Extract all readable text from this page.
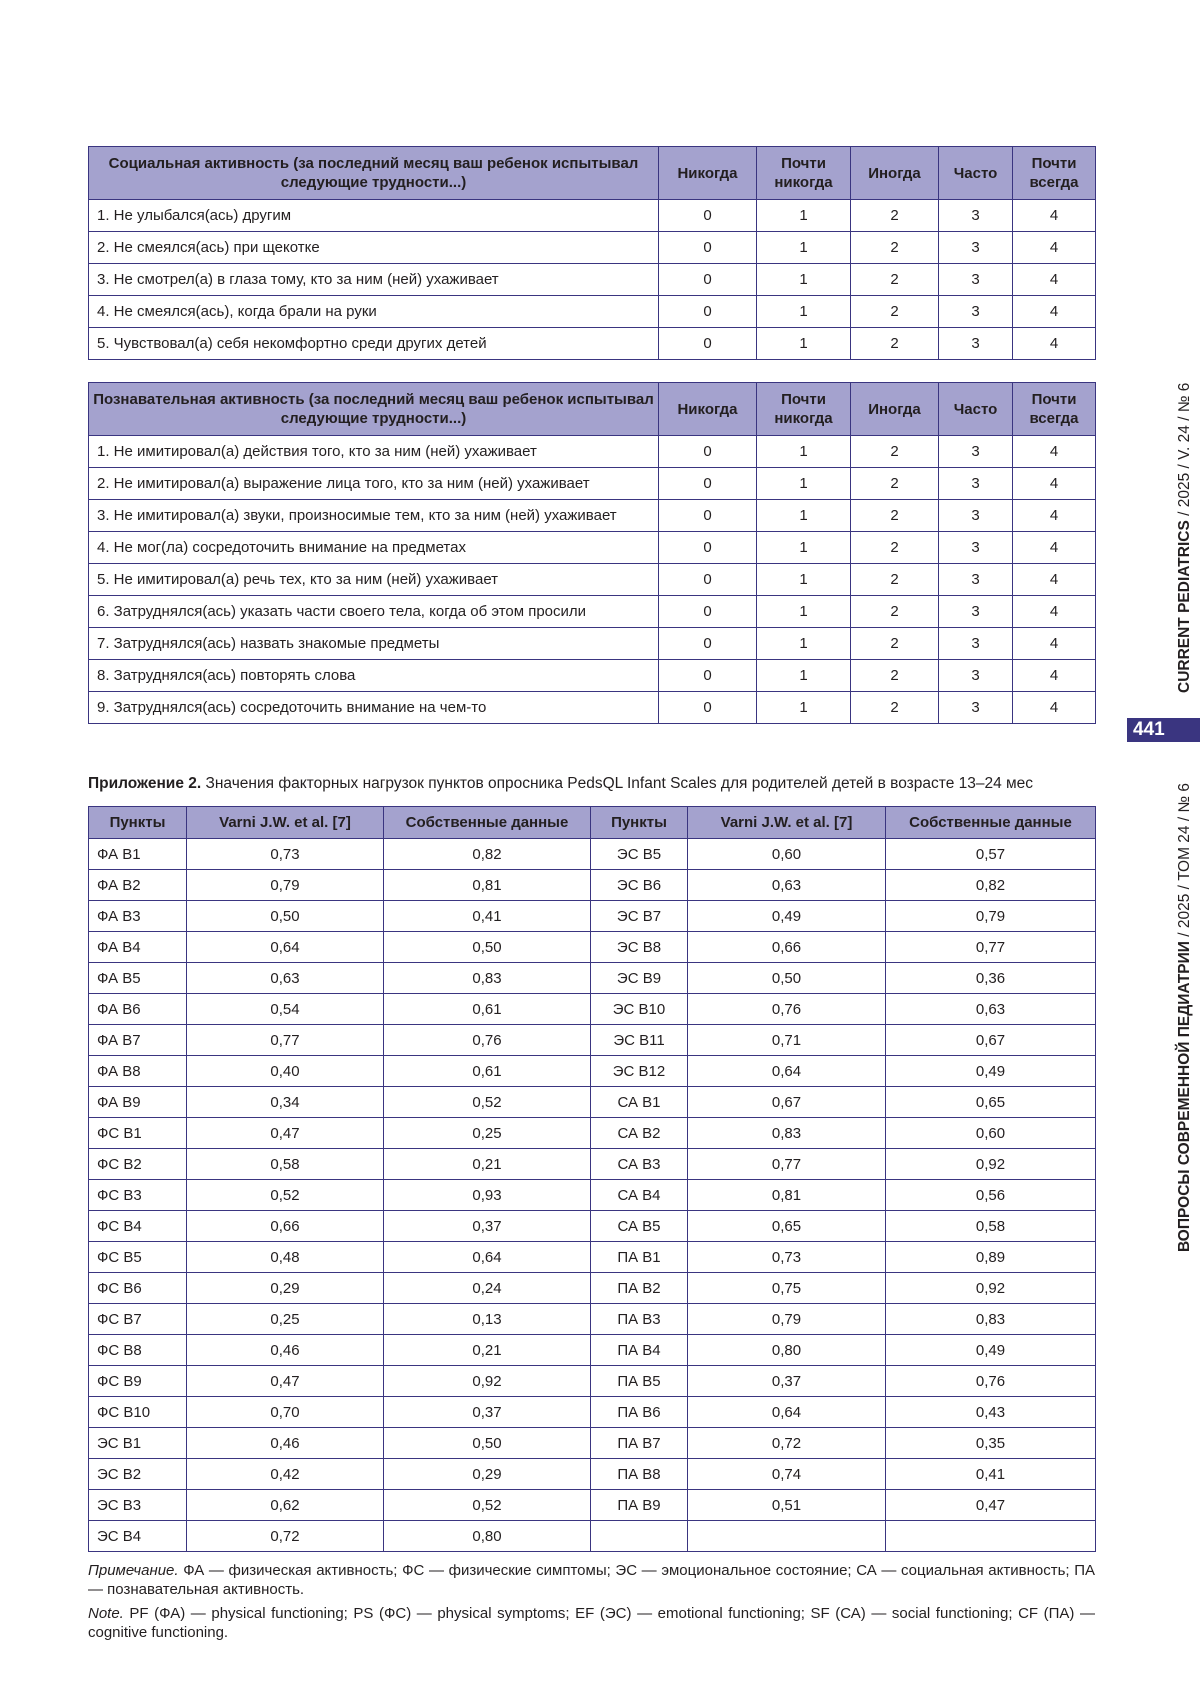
Социальная активность (за последний месяц ваш ребенок испытывал следующие трудности...)	Никогда	Почти никогда	Иногда	Часто	Почти всегда
1. Не улыбался(ась) другим	0	1	2	3	4
2. Не смеялся(ась) при щекотке	0	1	2	3	4
3. Не смотрел(а) в глаза тому, кто за ним (ней) ухаживает	0	1	2	3	4
4. Не смеялся(ась), когда брали на руки	0	1	2	3	4
5. Чувствовал(а) себя некомфортно среди других детей	0	1	2	3	4
Познавательная активность (за последний месяц ваш ребенок испытывал следующие трудности...)	Никогда	Почти никогда	Иногда	Часто	Почти всегда
1. Не имитировал(а) действия того, кто за ним (ней) ухаживает	0	1	2	3	4
2. Не имитировал(а) выражение лица того, кто за ним (ней) ухаживает	0	1	2	3	4
3. Не имитировал(а) звуки, произносимые тем, кто за ним (ней) ухаживает	0	1	2	3	4
4. Не мог(ла) сосредоточить внимание на предметах	0	1	2	3	4
5. Не имитировал(а) речь тех, кто за ним (ней) ухаживает	0	1	2	3	4
6. Затруднялся(ась) указать части своего тела, когда об этом просили	0	1	2	3	4
7. Затруднялся(ась) назвать знакомые предметы	0	1	2	3	4
8. Затруднялся(ась) повторять слова	0	1	2	3	4
9. Затруднялся(ась) сосредоточить внимание на чем-то	0	1	2	3	4
Приложение 2. Значения факторных нагрузок пунктов опросника PedsQL Infant Scales для родителей детей в возрасте 13–24 мес
Пункты	Varni J.W. et al. [7]	Собственные данные	Пункты	Varni J.W. et al. [7]	Собственные данные
ФА В1	0,73	0,82	ЭС В5	0,60	0,57
ФА В2	0,79	0,81	ЭС В6	0,63	0,82
ФА В3	0,50	0,41	ЭС В7	0,49	0,79
ФА В4	0,64	0,50	ЭС В8	0,66	0,77
ФА В5	0,63	0,83	ЭС В9	0,50	0,36
ФА В6	0,54	0,61	ЭС В10	0,76	0,63
ФА В7	0,77	0,76	ЭС В11	0,71	0,67
ФА В8	0,40	0,61	ЭС В12	0,64	0,49
ФА В9	0,34	0,52	СА В1	0,67	0,65
ФС В1	0,47	0,25	СА В2	0,83	0,60
ФС В2	0,58	0,21	СА В3	0,77	0,92
ФС В3	0,52	0,93	СА В4	0,81	0,56
ФС В4	0,66	0,37	СА В5	0,65	0,58
ФС В5	0,48	0,64	ПА В1	0,73	0,89
ФС В6	0,29	0,24	ПА В2	0,75	0,92
ФС В7	0,25	0,13	ПА В3	0,79	0,83
ФС В8	0,46	0,21	ПА В4	0,80	0,49
ФС В9	0,47	0,92	ПА В5	0,37	0,76
ФС В10	0,70	0,37	ПА В6	0,64	0,43
ЭС В1	0,46	0,50	ПА В7	0,72	0,35
ЭС В2	0,42	0,29	ПА В8	0,74	0,41
ЭС В3	0,62	0,52	ПА В9	0,51	0,47
ЭС В4	0,72	0,80			
Примечание. ФА — физическая активность; ФС — физические симптомы; ЭС — эмоциональное состояние; СА — социальная активность; ПА — познавательная активность.
Note. PF (ФА) — physical functioning; PS (ФС) — physical symptoms; EF (ЭС) — emotional functioning; SF (СА) — social functioning; CF (ПА) — cognitive functioning.
CURRENT PEDIATRICS / 2025 / V. 24 / № 6
441
ВОПРОСЫ СОВРЕМЕННОЙ ПЕДИАТРИИ / 2025 / ТОМ 24 / № 6
